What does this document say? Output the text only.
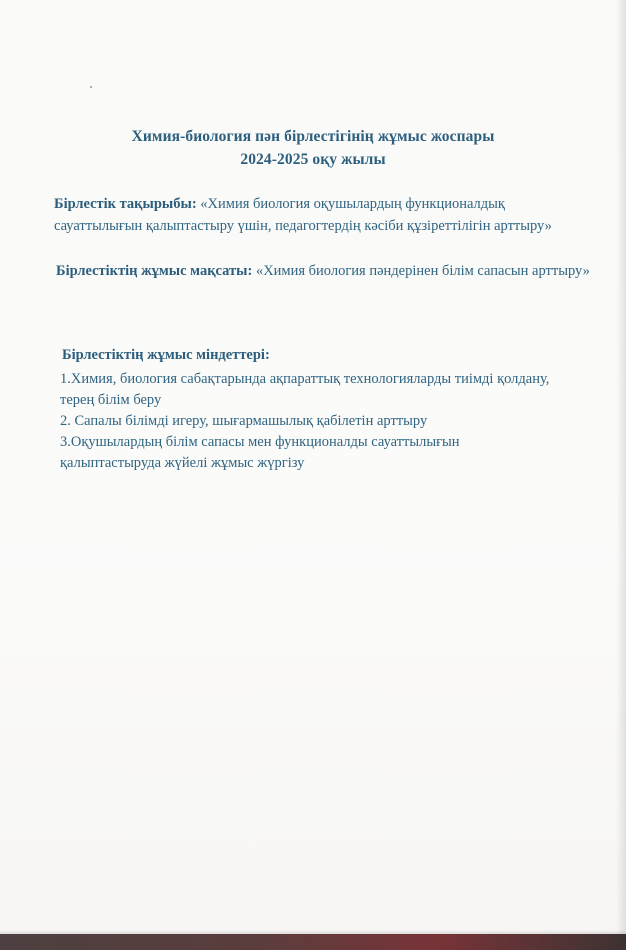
Химия-биология пән бірлестігінің жұмыс жоспары
2024-2025 оқу жылы
Бірлестік тақырыбы: «Химия биология оқушылардың функционалдық сауаттылығын қалыптастыру үшін, педагогтердің кәсіби құзіреттілігін арттыру»
Бірлестіктің жұмыс мақсаты: «Химия биология пәндерінен білім сапасын арттыру»
Бірлестіктің жұмыс міндеттері:
1.Химия, биология сабақтарында ақпараттық технологияларды тиімді қолдану, терең білім беру
2. Сапалы білімді игеру, шығармашылық қабілетін арттыру
3.Оқушылардың білім сапасы мен функционалды сауаттылығын қалыптастыруда жүйелі жұмыс жүргізу
